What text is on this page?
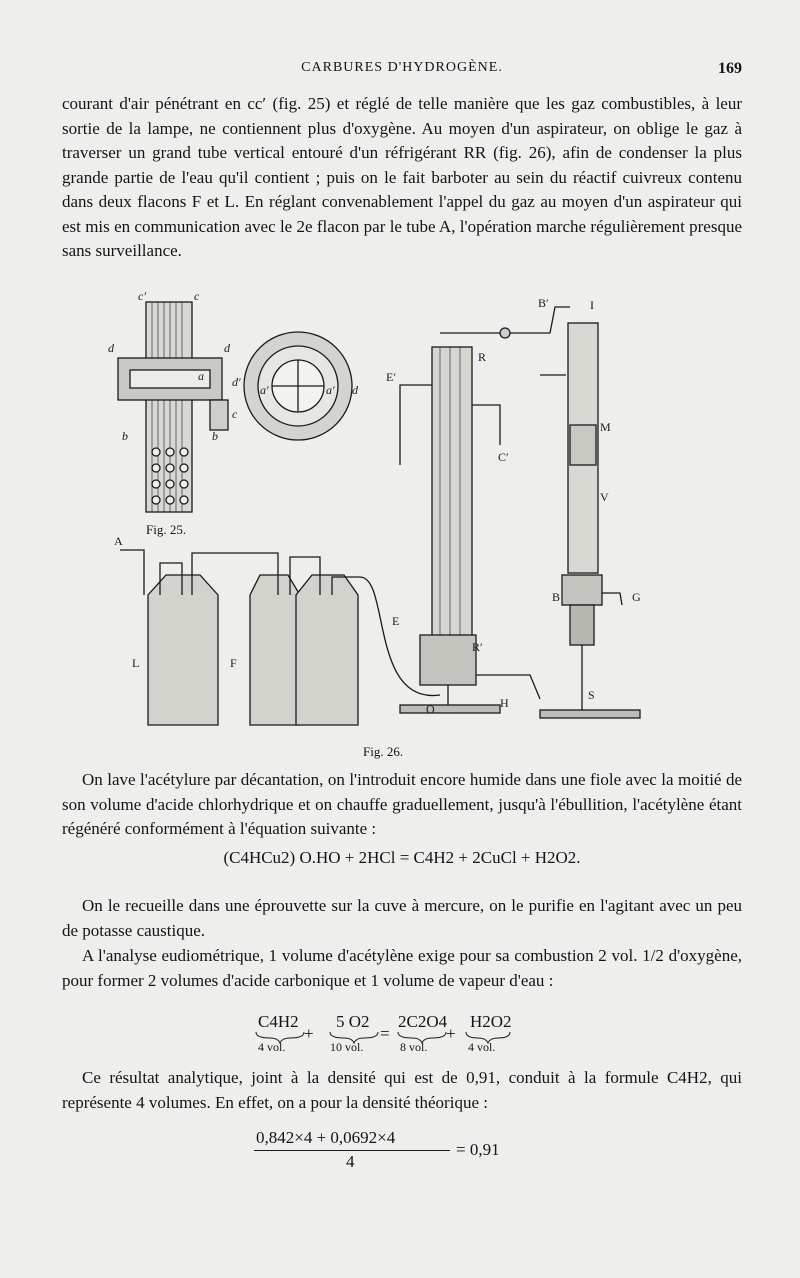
CARBURES D'HYDROGÈNE.	169

courant d'air pénétrant en cc′ (fig. 25) et réglé de telle manière que les gaz combustibles, à leur sortie de la lampe, ne contiennent plus d'oxygène. Au moyen d'un aspirateur, on oblige le gaz à traverser un grand tube vertical entouré d'un réfrigérant RR (fig. 26), afin de condenser la plus grande partie de l'eau qu'il contient ; puis on le fait barboter au sein du réactif cuivreux contenu dans deux flacons F et L. En réglant convenablement l'appel du gaz au moyen d'un aspirateur qui est mis en communication avec le 2e flacon par le tube A, l'opération marche régulièrement presque sans surveillance.

c′	c
d	d
a
c
b	b
d′
a′	a′ d
Fig. 25.
B′	I
R
E′
C′
M
V
B	G
A
L	F
E
R′
H
S
O
Fig. 26.

On lave l'acétylure par décantation, on l'introduit encore humide dans une fiole avec la moitié de son volume d'acide chlorhydrique et on chauffe graduellement, jusqu'à l'ébullition, l'acétylène étant régénéré conformément à l'équation suivante :

(C4HCu2) O.HO + 2HCl = C4H2 + 2CuCl + H2O2.

On le recueille dans une éprouvette sur la cuve à mercure, on le purifie en l'agitant avec un peu de potasse caustique.

A l'analyse eudiométrique, 1 volume d'acétylène exige pour sa combustion 2 vol. 1/2 d'oxygène, pour former 2 volumes d'acide carbonique et 1 volume de vapeur d'eau :

C4H2
4 vol.
+
5 O2
10 vol.
=
2C2O4
8 vol.
+
H2O2
4 vol.

Ce résultat analytique, joint à la densité qui est de 0,91, conduit à la formule C4H2, qui représente 4 volumes. En effet, on a pour la densité théorique :

0,842×4 + 0,0692×4
4
= 0,91
